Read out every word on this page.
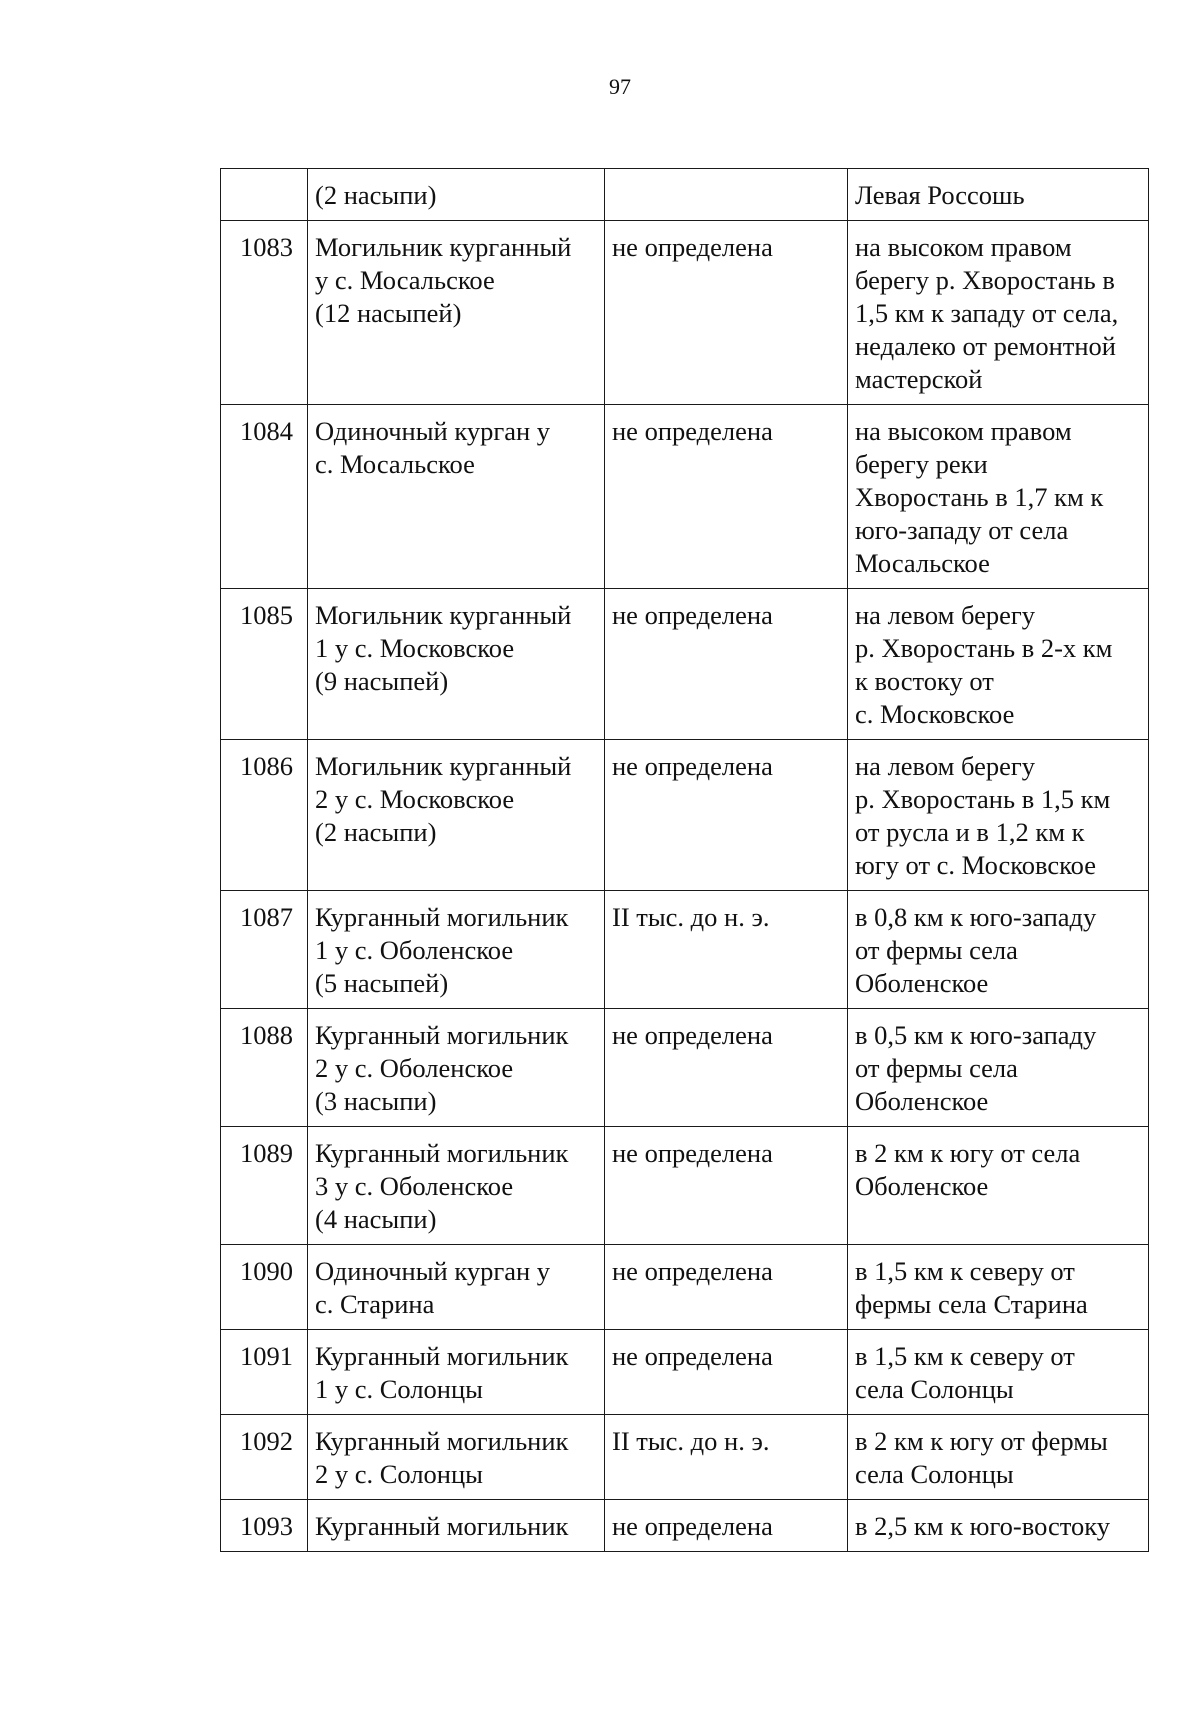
97
	(2 насыпи)		Левая Россошь
1083	Могильник курганный
у с. Мосальское
(12 насыпей)	не определена	на высоком правом
берегу р. Хворостань в
1,5 км к западу от села,
недалеко от ремонтной
мастерской
1084	Одиночный курган у
с. Мосальское	не определена	на высоком правом
берегу реки
Хворостань в 1,7 км к
юго-западу от села
Мосальское
1085	Могильник курганный
1 у с. Московское
(9 насыпей)	не определена	на левом берегу
р. Хворостань в 2-х км
к востоку от
с. Московское
1086	Могильник курганный
2 у с. Московское
(2 насыпи)	не определена	на левом берегу
р. Хворостань в 1,5 км
от русла и в 1,2 км к
югу от с. Московское
1087	Курганный могильник
1 у с. Оболенское
(5 насыпей)	II тыс. до н. э.	в 0,8 км к юго-западу
от фермы села
Оболенское
1088	Курганный могильник
2 у с. Оболенское
(3 насыпи)	не определена	в 0,5 км к юго-западу
от фермы села
Оболенское
1089	Курганный могильник
3 у с. Оболенское
(4 насыпи)	не определена	в 2 км к югу от села
Оболенское
1090	Одиночный курган у
с. Старина	не определена	в 1,5 км к северу от
фермы села Старина
1091	Курганный могильник
1 у с. Солонцы	не определена	в 1,5 км к северу от
села Солонцы
1092	Курганный могильник
2 у с. Солонцы	II тыс. до н. э.	в 2 км к югу от фермы
села Солонцы
1093	Курганный могильник	не определена	в 2,5 км к юго-востоку
